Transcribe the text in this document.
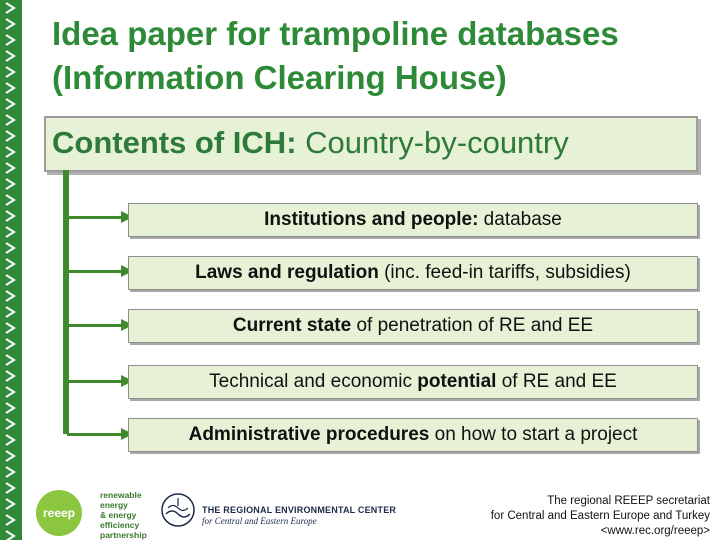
Idea paper for trampoline databases
(Information Clearing House)
Contents of ICH: Country-by-country
Institutions and people: database
Laws and regulation (inc. feed-in tariffs, subsidies)
Current state of penetration of RE and EE
Technical and economic potential of RE and EE
Administrative procedures on how to start a project
reeep
renewable
energy
& energy
efficiency
partnership
THE REGIONAL ENVIRONMENTAL CENTER
for Central and Eastern Europe
The regional REEEP secretariat
for Central and Eastern Europe and Turkey
<www.rec.org/reeep>
